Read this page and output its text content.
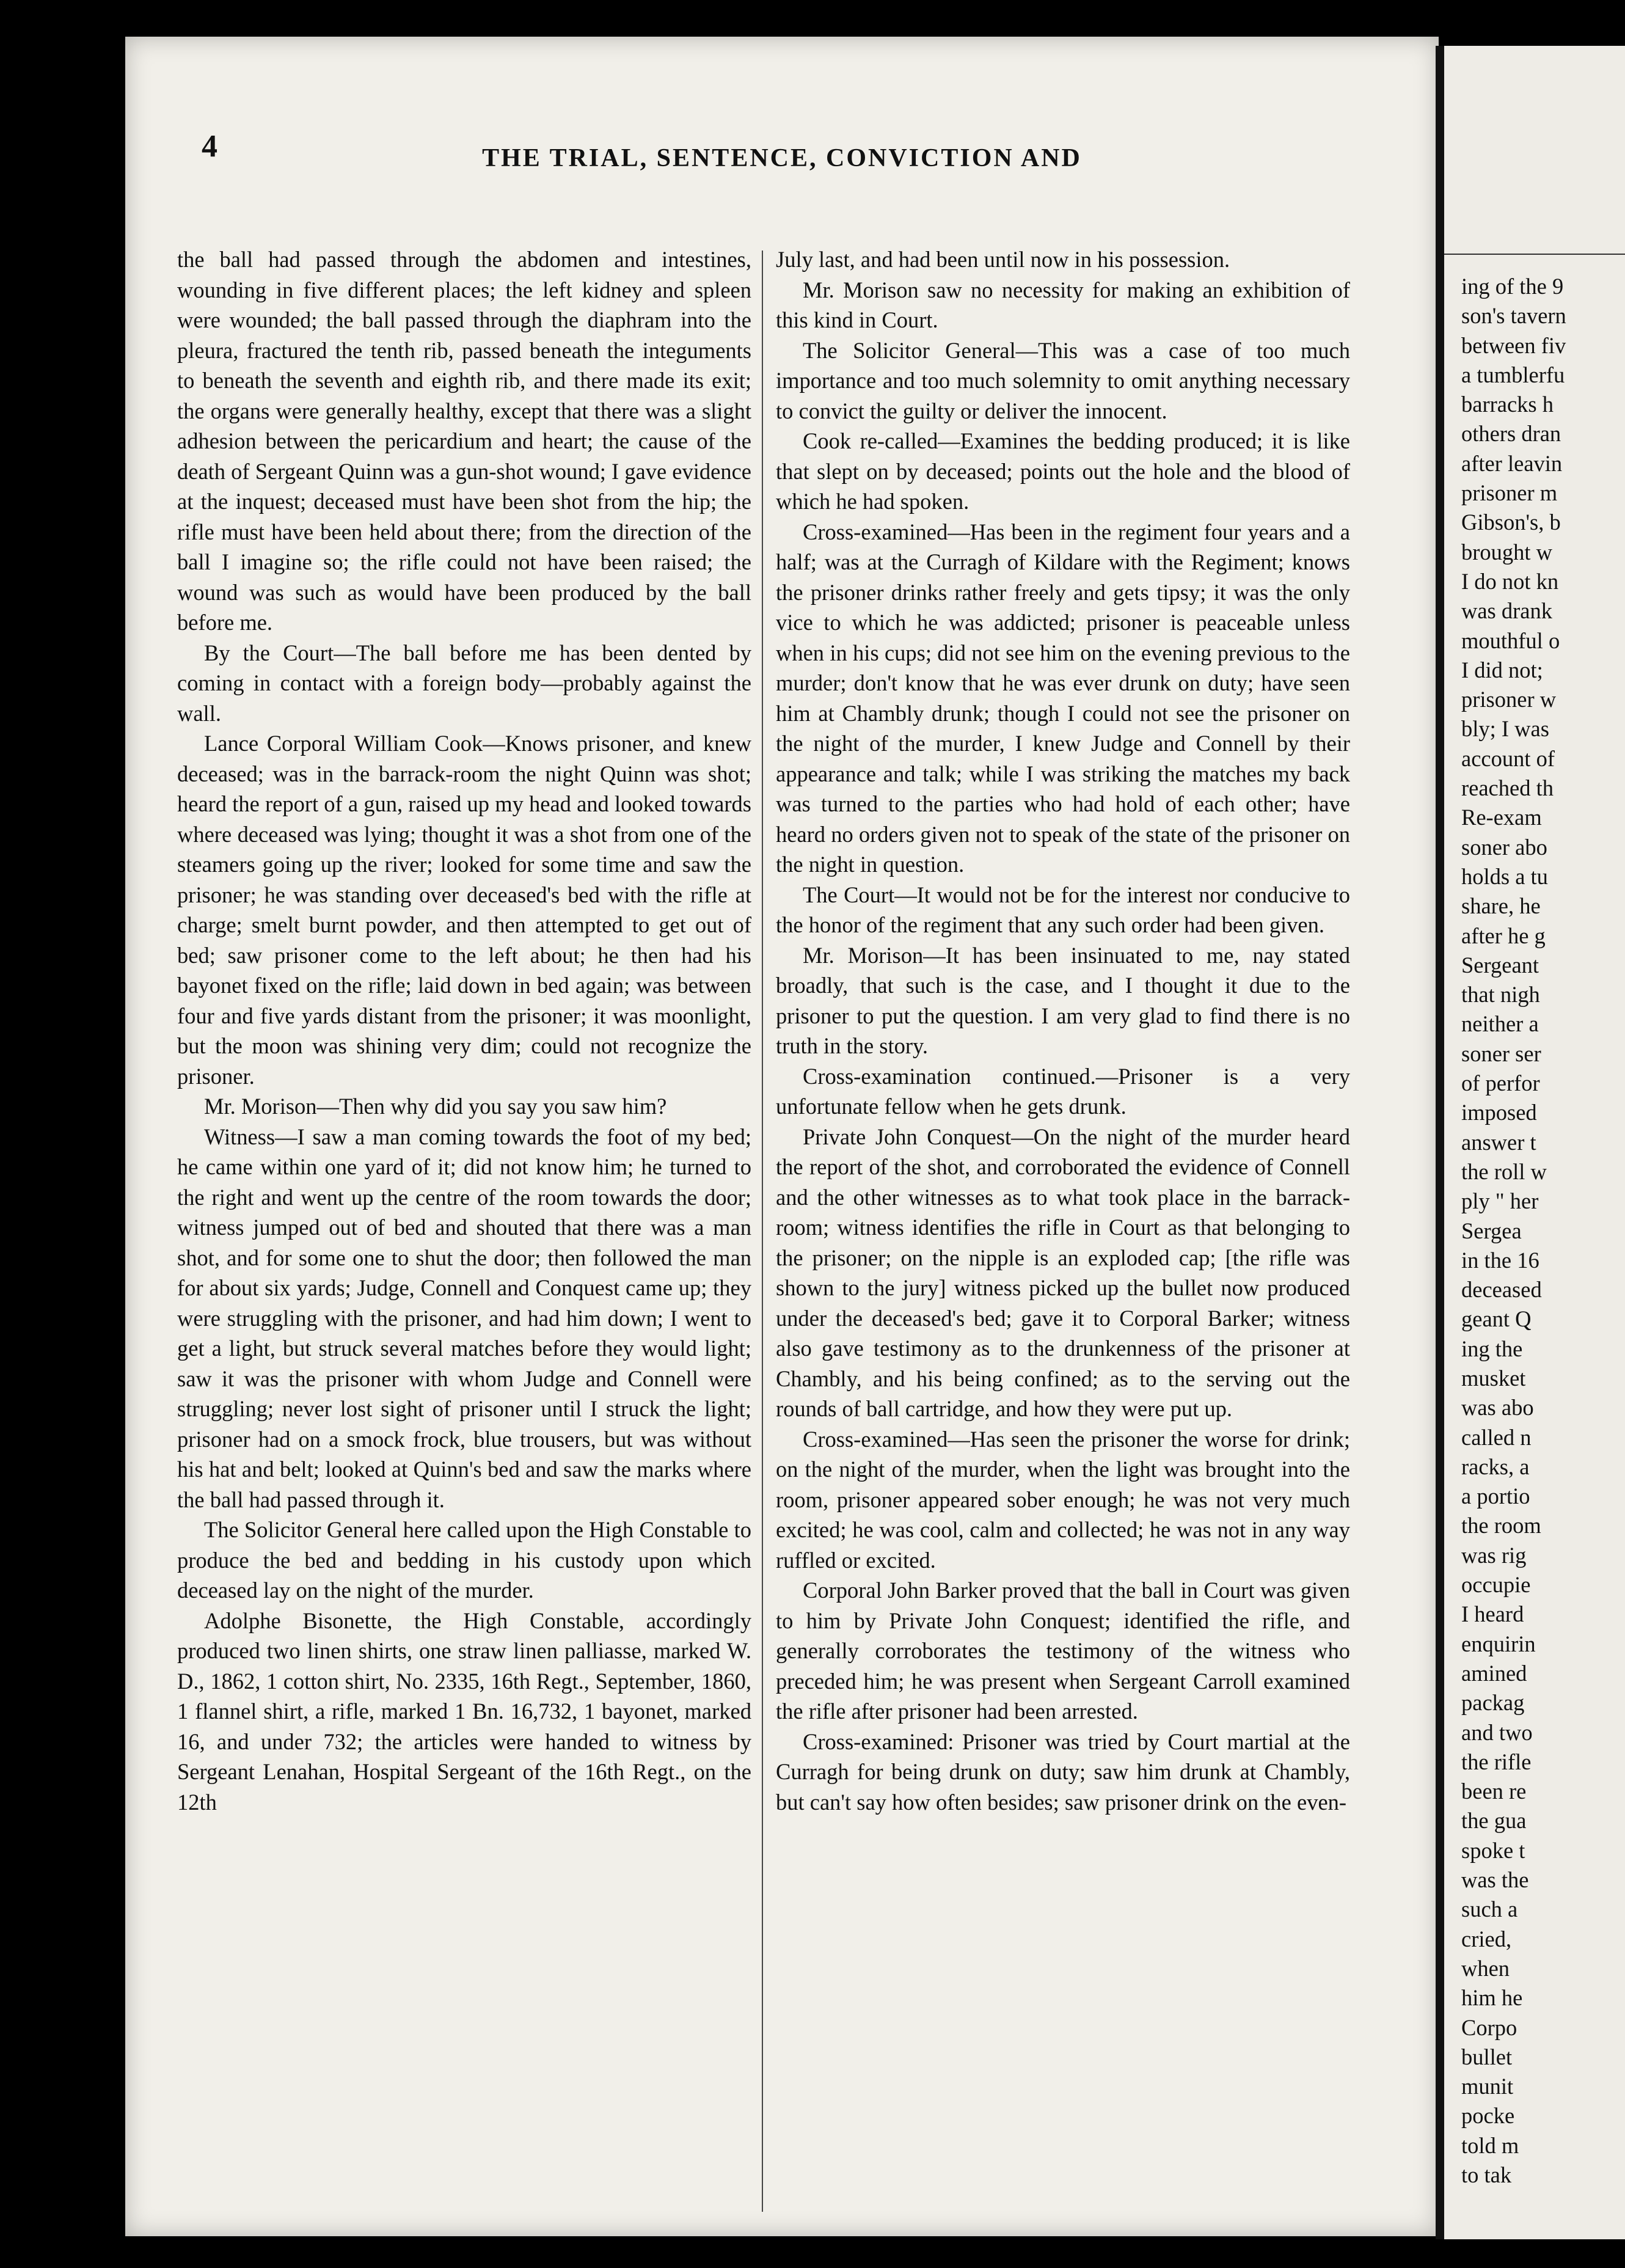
4	THE TRIAL, SENTENCE, CONVICTION AND

the ball had passed through the abdomen and intestines, wounding in five different places; the left kidney and spleen were wounded; the ball passed through the diaphram into the pleura, fractured the tenth rib, passed beneath the integuments to beneath the seventh and eighth rib, and there made its exit; the organs were generally healthy, except that there was a slight adhesion between the pericardium and heart; the cause of the death of Sergeant Quinn was a gun-shot wound; I gave evidence at the inquest; deceased must have been shot from the hip; the rifle must have been held about there; from the direction of the ball I imagine so; the rifle could not have been raised; the wound was such as would have been produced by the ball before me.

By the Court—The ball before me has been dented by coming in contact with a foreign body—probably against the wall.

Lance Corporal William Cook—Knows prisoner, and knew deceased; was in the barrack-room the night Quinn was shot; heard the report of a gun, raised up my head and looked towards where deceased was lying; thought it was a shot from one of the steamers going up the river; looked for some time and saw the prisoner; he was standing over deceased's bed with the rifle at charge; smelt burnt powder, and then attempted to get out of bed; saw prisoner come to the left about; he then had his bayonet fixed on the rifle; laid down in bed again; was between four and five yards distant from the prisoner; it was moonlight, but the moon was shining very dim; could not recognize the prisoner.

Mr. Morison—Then why did you say you saw him?

Witness—I saw a man coming towards the foot of my bed; he came within one yard of it; did not know him; he turned to the right and went up the centre of the room towards the door; witness jumped out of bed and shouted that there was a man shot, and for some one to shut the door; then followed the man for about six yards; Judge, Connell and Conquest came up; they were struggling with the prisoner, and had him down; I went to get a light, but struck several matches before they would light; saw it was the prisoner with whom Judge and Connell were struggling; never lost sight of prisoner until I struck the light; prisoner had on a smock frock, blue trousers, but was without his hat and belt; looked at Quinn's bed and saw the marks where the ball had passed through it.

The Solicitor General here called upon the High Constable to produce the bed and bedding in his custody upon which deceased lay on the night of the murder.

Adolphe Bisonette, the High Constable, accordingly produced two linen shirts, one straw linen palliasse, marked W. D., 1862, 1 cotton shirt, No. 2335, 16th Regt., September, 1860, 1 flannel shirt, a rifle, marked 1 Bn. 16,732, 1 bayonet, marked 16, and under 732; the articles were handed to witness by Sergeant Lenahan, Hospital Sergeant of the 16th Regt., on the 12th

July last, and had been until now in his possession.

Mr. Morison saw no necessity for making an exhibition of this kind in Court.

The Solicitor General—This was a case of too much importance and too much solemnity to omit anything necessary to convict the guilty or deliver the innocent.

Cook re-called—Examines the bedding produced; it is like that slept on by deceased; points out the hole and the blood of which he had spoken.

Cross-examined—Has been in the regiment four years and a half; was at the Curragh of Kildare with the Regiment; knows the prisoner drinks rather freely and gets tipsy; it was the only vice to which he was addicted; prisoner is peaceable unless when in his cups; did not see him on the evening previous to the murder; don't know that he was ever drunk on duty; have seen him at Chambly drunk; though I could not see the prisoner on the night of the murder, I knew Judge and Connell by their appearance and talk; while I was striking the matches my back was turned to the parties who had hold of each other; have heard no orders given not to speak of the state of the prisoner on the night in question.

The Court—It would not be for the interest nor conducive to the honor of the regiment that any such order had been given.

Mr. Morison—It has been insinuated to me, nay stated broadly, that such is the case, and I thought it due to the prisoner to put the question. I am very glad to find there is no truth in the story.

Cross-examination continued.—Prisoner is a very unfortunate fellow when he gets drunk.

Private John Conquest—On the night of the murder heard the report of the shot, and corroborated the evidence of Connell and the other witnesses as to what took place in the barrack-room; witness identifies the rifle in Court as that belonging to the prisoner; on the nipple is an exploded cap; [the rifle was shown to the jury] witness picked up the bullet now produced under the deceased's bed; gave it to Corporal Barker; witness also gave testimony as to the drunkenness of the prisoner at Chambly, and his being confined; as to the serving out the rounds of ball cartridge, and how they were put up.

Cross-examined—Has seen the prisoner the worse for drink; on the night of the murder, when the light was brought into the room, prisoner appeared sober enough; he was not very much excited; he was cool, calm and collected; he was not in any way ruffled or excited.

Corporal John Barker proved that the ball in Court was given to him by Private John Conquest; identified the rifle, and generally corroborates the testimony of the witness who preceded him; he was present when Sergeant Carroll examined the rifle after prisoner had been arrested.

Cross-examined: Prisoner was tried by Court martial at the Curragh for being drunk on duty; saw him drunk at Chambly, but can't say how often besides; saw prisoner drink on the even-

ing of the 9
son's tavern
between fiv
a tumblerfu
barracks h
others dran
after leavin
prisoner m
Gibson's, b
brought w
I do not kn
was drank
mouthful o
I did not;
prisoner w
bly; I was
account of
reached th
Re-exam
soner abo
holds a tu
share, he
after he g
Sergeant
that nigh
neither a
soner ser
of perfor
imposed
answer t
the roll w
ply " her
Sergea
in the 16
deceased
geant Q
ing the
musket
was abo
called n
racks, a
a portio
the room
was rig
occupie
I heard
enquirin
amined
packag
and two
the rifle
been re
the gua
spoke t
was the
such a
cried,
when
him he
Corpo
bullet
munit
pocke
told m
to tak
